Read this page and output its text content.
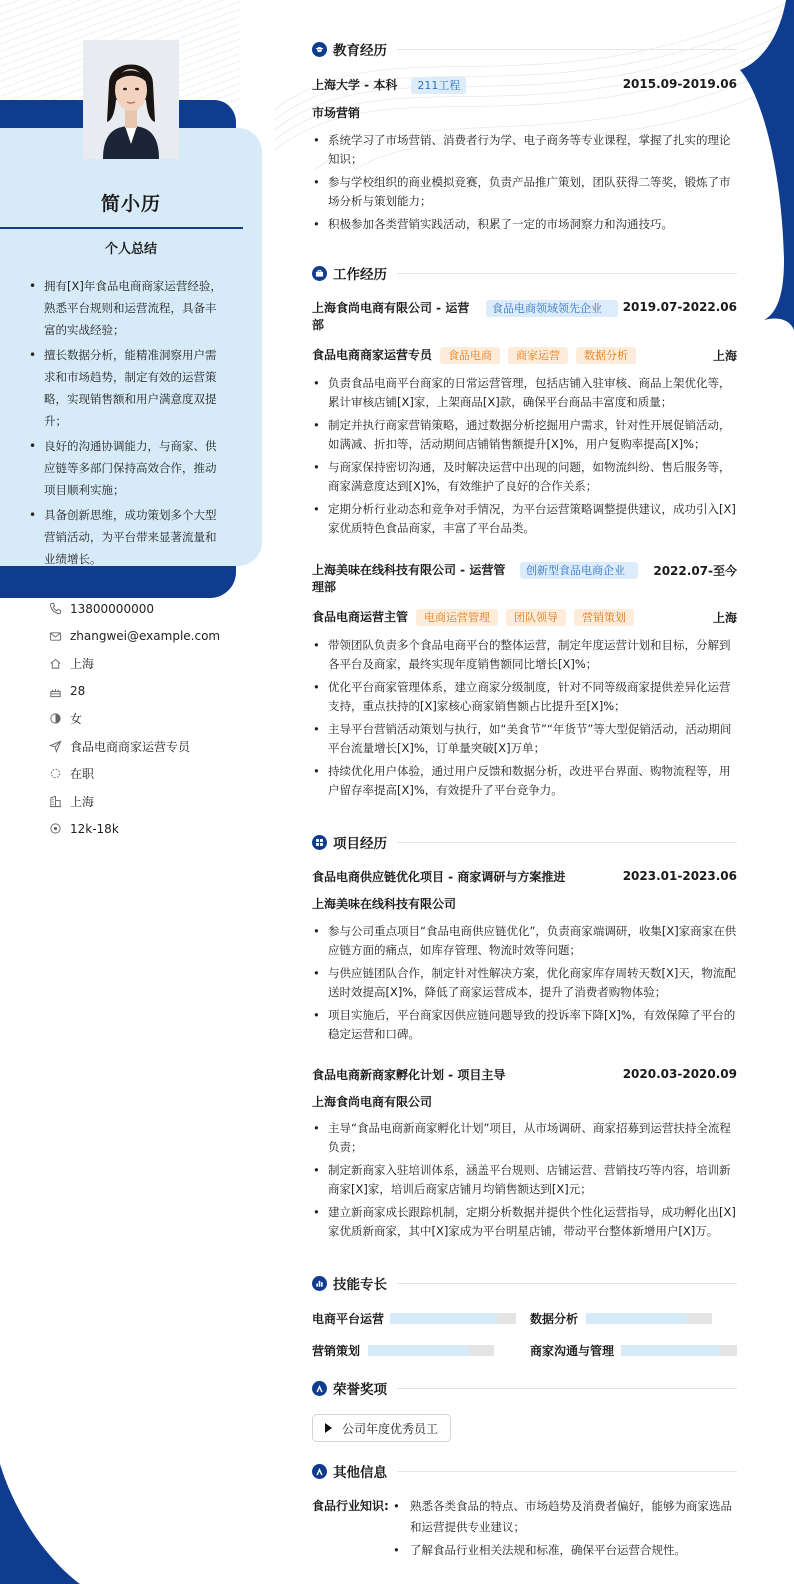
简小历
个人总结
• 拥有[X]年食品电商商家运营经验，熟悉平台规则和运营流程，具备丰富的实战经验；
• 擅长数据分析，能精准洞察用户需求和市场趋势，制定有效的运营策略，实现销售额和用户满意度双提升；
• 良好的沟通协调能力，与商家、供应链等多部门保持高效合作，推动项目顺利实施；
• 具备创新思维，成功策划多个大型营销活动，为平台带来显著流量和业绩增长。
13800000000
zhangwei@example.com
上海
28
女
食品电商商家运营专员
在职
上海
12k-18k
教育经历
上海大学 - 本科	211工程	2015.09-2019.06
市场营销
• 系统学习了市场营销、消费者行为学、电子商务等专业课程，掌握了扎实的理论知识；
• 参与学校组织的商业模拟竞赛，负责产品推广策划，团队获得二等奖，锻炼了市场分析与策划能力；
• 积极参加各类营销实践活动，积累了一定的市场洞察力和沟通技巧。
工作经历
上海食尚电商有限公司 - 运营部
食品电商领域领先企业	2019.07-2022.06
食品电商商家运营专员	食品电商	商家运营	数据分析	上海
• 负责食品电商平台商家的日常运营管理，包括店铺入驻审核、商品上架优化等，累计审核店铺[X]家，上架商品[X]款，确保平台商品丰富度和质量；
• 制定并执行商家营销策略，通过数据分析挖掘用户需求，针对性开展促销活动，如满减、折扣等，活动期间店铺销售额提升[X]%，用户复购率提高[X]%；
• 与商家保持密切沟通，及时解决运营中出现的问题，如物流纠纷、售后服务等，商家满意度达到[X]%，有效维护了良好的合作关系；
• 定期分析行业动态和竞争对手情况，为平台运营策略调整提供建议，成功引入[X]家优质特色食品商家，丰富了平台品类。
上海美味在线科技有限公司 - 运营管理部
创新型食品电商企业	2022.07-至今
食品电商运营主管	电商运营管理	团队领导	营销策划	上海
• 带领团队负责多个食品电商平台的整体运营，制定年度运营计划和目标，分解到各平台及商家，最终实现年度销售额同比增长[X]%；
• 优化平台商家管理体系，建立商家分级制度，针对不同等级商家提供差异化运营支持，重点扶持的[X]家核心商家销售额占比提升至[X]%；
• 主导平台营销活动策划与执行，如“美食节”“年货节”等大型促销活动，活动期间平台流量增长[X]%，订单量突破[X]万单；
• 持续优化用户体验，通过用户反馈和数据分析，改进平台界面、购物流程等，用户留存率提高[X]%，有效提升了平台竞争力。
项目经历
食品电商供应链优化项目 - 商家调研与方案推进	2023.01-2023.06
上海美味在线科技有限公司
• 参与公司重点项目“食品电商供应链优化”，负责商家端调研，收集[X]家商家在供应链方面的痛点，如库存管理、物流时效等问题；
• 与供应链团队合作，制定针对性解决方案，优化商家库存周转天数[X]天，物流配送时效提高[X]%，降低了商家运营成本，提升了消费者购物体验；
• 项目实施后，平台商家因供应链问题导致的投诉率下降[X]%，有效保障了平台的稳定运营和口碑。
食品电商新商家孵化计划 - 项目主导	2020.03-2020.09
上海食尚电商有限公司
• 主导“食品电商新商家孵化计划”项目，从市场调研、商家招募到运营扶持全流程负责；
• 制定新商家入驻培训体系，涵盖平台规则、店铺运营、营销技巧等内容，培训新商家[X]家，培训后商家店铺月均销售额达到[X]元；
• 建立新商家成长跟踪机制，定期分析数据并提供个性化运营指导，成功孵化出[X]家优质新商家，其中[X]家成为平台明星店铺，带动平台整体新增用户[X]万。
技能专长
电商平台运营	数据分析
营销策划	商家沟通与管理
荣誉奖项
公司年度优秀员工
其他信息
食品行业知识:
•	熟悉各类食品的特点、市场趋势及消费者偏好，能够为商家选品和运营提供专业建议；
• 了解食品行业相关法规和标准，确保平台运营合规性。
